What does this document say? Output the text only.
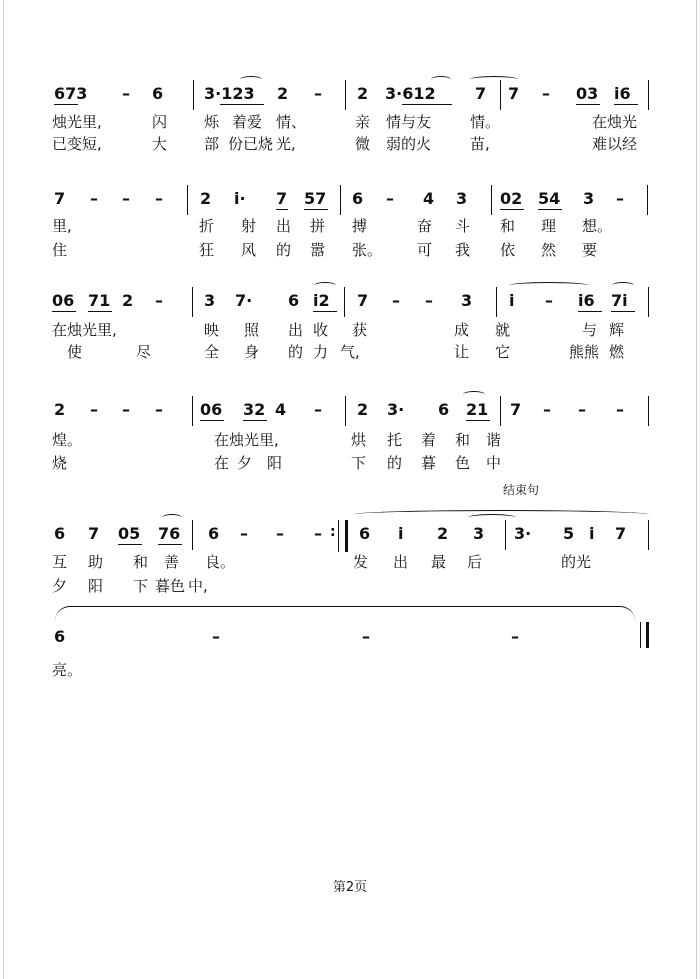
673 – 6	3·123 2 – 2 3·612 7 7 – 03 i6
烛光里,	闪 烁 着爱 情、	亲 情与友	情。	在烛光
已变短,	大 部 份已烧 光,	微 弱的火	苗,	难以经
7 – – – 2 i· 7 57 6 – 4 3 02 54 3 –
里,	折 射 出 拼 搏	奋 斗 和 理 想。
住	狂 风 的 嚣 张。 可 我 依 然 要
06 71 2 –	3 7· 6 i2 7 – – 3 i – i6 7i
在烛光里,	映 照 出 收 获	成 就	与 辉
使	尽	全 身 的 力 气,	让 它	熊熊 燃
2 – – – 06 32 4 – 2 3· 6 21 7 – – –
煌。	在烛光里,	烘 托 着 和 谐
烧	在 夕 阳	下 的 暮 色 中
结束句
6 7 05 76 6 – – – : 6 i 2 3 3· 5 i 7
互 助 和 善 良。	发 出 最 后	的光
夕 阳 下 暮色 中,
6	–	–	–
亮。
第2页
